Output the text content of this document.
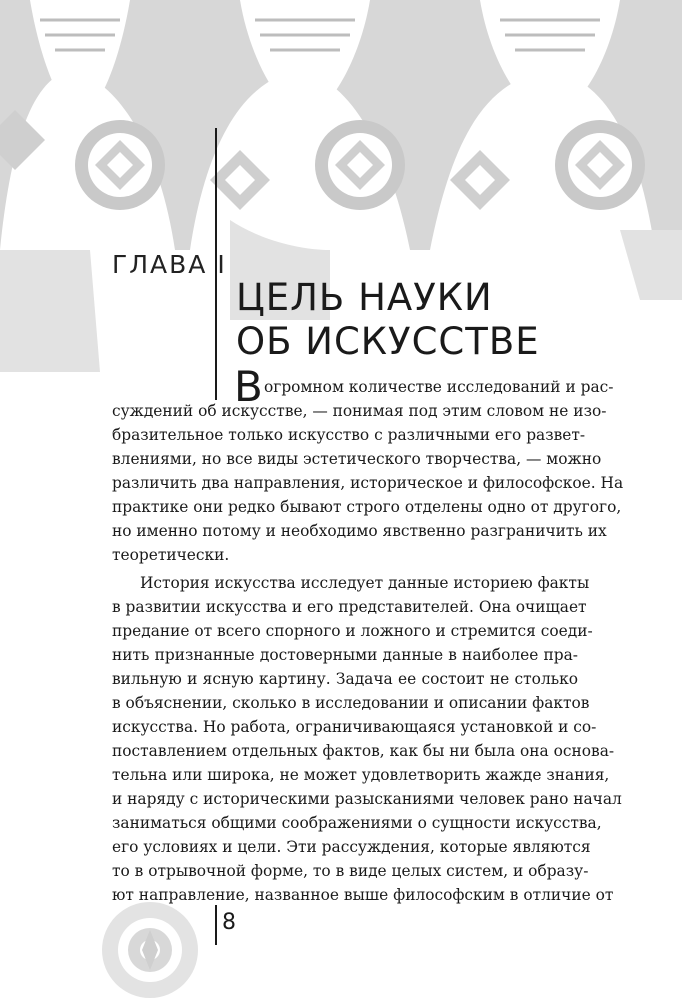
ГЛАВА I
ЦЕЛЬ НАУКИ
ОБ ИСКУССТВЕ
В огромном количестве исследований и рас-
суждений об искусстве, — понимая под этим словом не изо-
бразительное только искусство с различными его развет-
влениями, но все виды эстетического творчества, — можно
различить два направления, историческое и философское. На
практике они редко бывают строго отделены одно от другого,
но именно потому и необходимо явственно разграничить их
теоретически.
История искусства исследует данные историею факты
в развитии искусства и его представителей. Она очищает
предание от всего спорного и ложного и стремится соеди-
нить признанные достоверными данные в наиболее пра-
вильную и ясную картину. Задача ее состоит не столько
в объяснении, сколько в исследовании и описании фактов
искусства. Но работа, ограничивающаяся установкой и со-
поставлением отдельных фактов, как бы ни была она основа-
тельна или широка, не может удовлетворить жажде знания,
и наряду с историческими разысканиями человек рано начал
заниматься общими соображениями о сущности искусства,
его условиях и цели. Эти рассуждения, которые являются
то в отрывочной форме, то в виде целых систем, и образу-
ют направление, названное выше философским в отличие от
8
